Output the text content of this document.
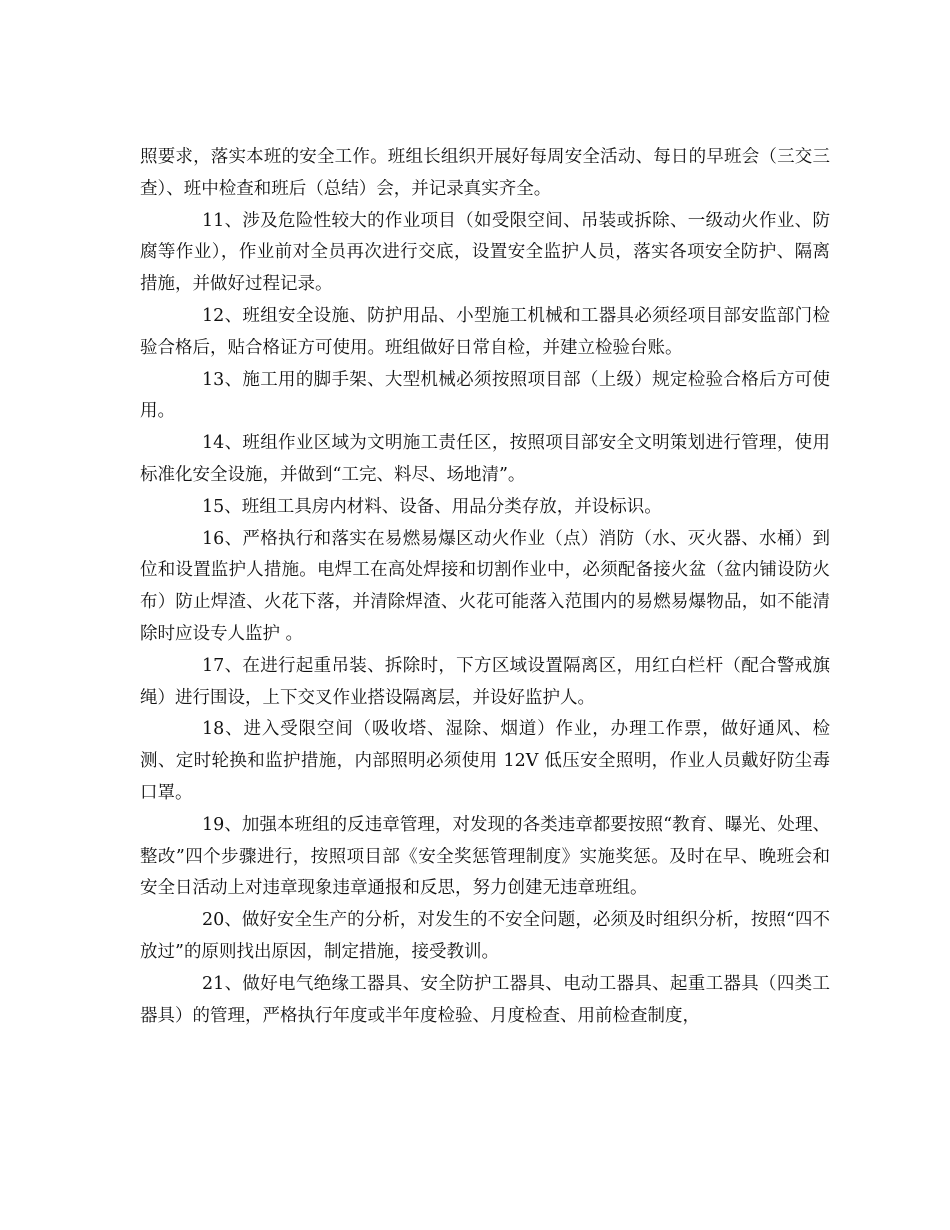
照要求，落实本班的安全工作。班组长组织开展好每周安全活动、每日的早班会（三交三查）、班中检查和班后（总结）会，并记录真实齐全。

11、涉及危险性较大的作业项目（如受限空间、吊装或拆除、一级动火作业、防腐等作业），作业前对全员再次进行交底，设置安全监护人员，落实各项安全防护、隔离措施，并做好过程记录。

12、班组安全设施、防护用品、小型施工机械和工器具必须经项目部安监部门检验合格后，贴合格证方可使用。班组做好日常自检，并建立检验台账。

13、施工用的脚手架、大型机械必须按照项目部（上级）规定检验合格后方可使用。

14、班组作业区域为文明施工责任区，按照项目部安全文明策划进行管理，使用标准化安全设施，并做到“工完、料尽、场地清”。

15、班组工具房内材料、设备、用品分类存放，并设标识。

16、严格执行和落实在易燃易爆区动火作业（点）消防（水、灭火器、水桶）到位和设置监护人措施。电焊工在高处焊接和切割作业中，必须配备接火盆（盆内铺设防火布）防止焊渣、火花下落，并清除焊渣、火花可能落入范围内的易燃易爆物品，如不能清除时应设专人监护 。

17、在进行起重吊装、拆除时，下方区域设置隔离区，用红白栏杆（配合警戒旗绳）进行围设，上下交叉作业搭设隔离层，并设好监护人。

18、进入受限空间（吸收塔、湿除、烟道）作业，办理工作票，做好通风、检测、定时轮换和监护措施，内部照明必须使用 12V 低压安全照明，作业人员戴好防尘毒口罩。

19、加强本班组的反违章管理，对发现的各类违章都要按照“教育、曝光、处理、整改”四个步骤进行，按照项目部《安全奖惩管理制度》实施奖惩。及时在早、晚班会和安全日活动上对违章现象违章通报和反思，努力创建无违章班组。

20、做好安全生产的分析，对发生的不安全问题，必须及时组织分析，按照“四不放过”的原则找出原因，制定措施，接受教训。

21、做好电气绝缘工器具、安全防护工器具、电动工器具、起重工器具（四类工器具）的管理，严格执行年度或半年度检验、月度检查、用前检查制度，
